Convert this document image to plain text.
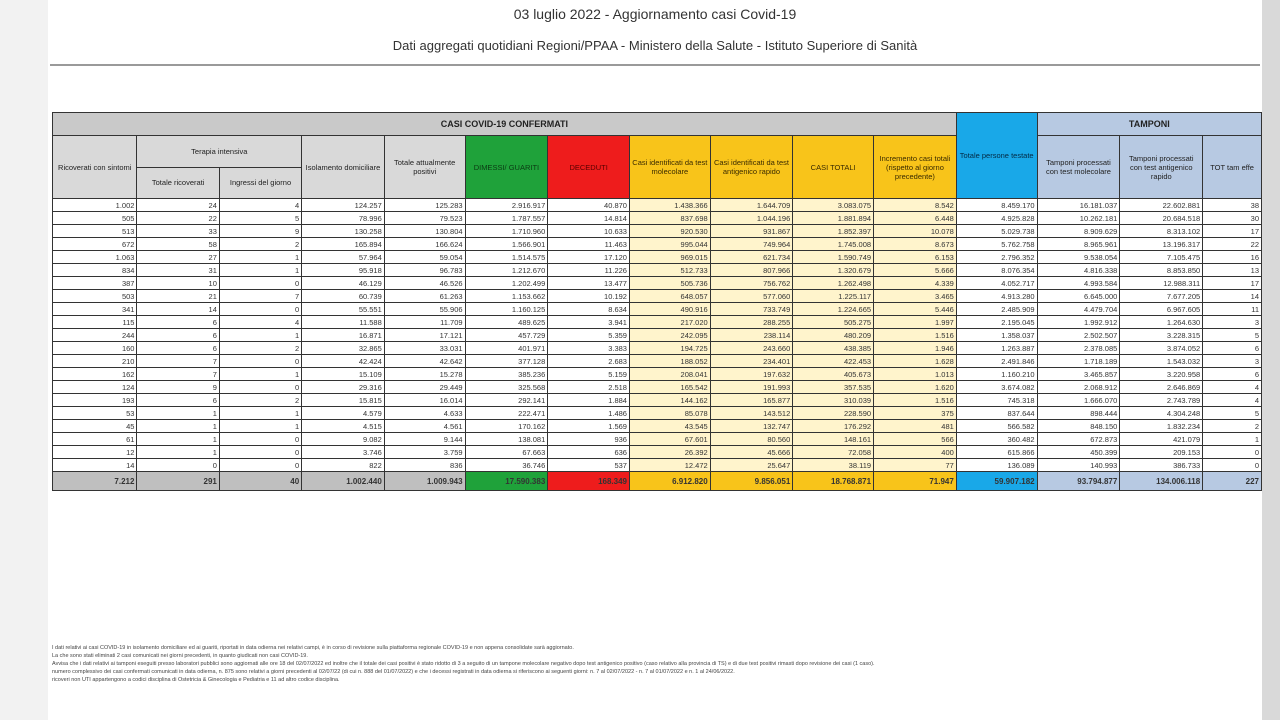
03 luglio 2022 - Aggiornamento casi Covid-19
Dati aggregati quotidiani Regioni/PPAA - Ministero della Salute - Istituto Superiore di Sanità
CASI COVID-19 CONFERMATI											Totale persone testate	TAMPONI		
Ricoverati con sintomi	Terapia intensiva		Isolamento domiciliare	Totale attualmente positivi	DIMESSI/ GUARITI	DECEDUTI	Casi identificati da test molecolare	Casi identificati da test antigenico rapido	CASI TOTALI	Incremento casi totali (rispetto al giorno precedente)		Tamponi processati con test molecolare	Tamponi processati con test antigenico rapido	TOT tam effe
	Totale ricoverati	Ingressi del giorno												
1.002	24	4	124.257	125.283	2.916.917	40.870	1.438.366	1.644.709	3.083.075	8.542	8.459.170	16.181.037	22.602.881	38
505	22	5	78.996	79.523	1.787.557	14.814	837.698	1.044.196	1.881.894	6.448	4.925.828	10.262.181	20.684.518	30
513	33	9	130.258	130.804	1.710.960	10.633	920.530	931.867	1.852.397	10.078	5.029.738	8.909.629	8.313.102	17
672	58	2	165.894	166.624	1.566.901	11.463	995.044	749.964	1.745.008	8.673	5.762.758	8.965.961	13.196.317	22
1.063	27	1	57.964	59.054	1.514.575	17.120	969.015	621.734	1.590.749	6.153	2.796.352	9.538.054	7.105.475	16
834	31	1	95.918	96.783	1.212.670	11.226	512.733	807.966	1.320.679	5.666	8.076.354	4.816.338	8.853.850	13
387	10	0	46.129	46.526	1.202.499	13.477	505.736	756.762	1.262.498	4.339	4.052.717	4.993.584	12.988.311	17
503	21	7	60.739	61.263	1.153.662	10.192	648.057	577.060	1.225.117	3.465	4.913.280	6.645.000	7.677.205	14
341	14	0	55.551	55.906	1.160.125	8.634	490.916	733.749	1.224.665	5.446	2.485.909	4.479.704	6.967.605	11
115	6	4	11.588	11.709	489.625	3.941	217.020	288.255	505.275	1.997	2.195.045	1.992.912	1.264.630	3
244	6	1	16.871	17.121	457.729	5.359	242.095	238.114	480.209	1.516	1.358.037	2.502.507	3.228.315	5
160	6	2	32.865	33.031	401.971	3.383	194.725	243.660	438.385	1.946	1.263.887	2.378.085	3.874.052	6
210	7	0	42.424	42.642	377.128	2.683	188.052	234.401	422.453	1.628	2.491.846	1.718.189	1.543.032	3
162	7	1	15.109	15.278	385.236	5.159	208.041	197.632	405.673	1.013	1.160.210	3.465.857	3.220.958	6
124	9	0	29.316	29.449	325.568	2.518	165.542	191.993	357.535	1.620	3.674.082	2.068.912	2.646.869	4
193	6	2	15.815	16.014	292.141	1.884	144.162	165.877	310.039	1.516	745.318	1.666.070	2.743.789	4
53	1	1	4.579	4.633	222.471	1.486	85.078	143.512	228.590	375	837.644	898.444	4.304.248	5
45	1	1	4.515	4.561	170.162	1.569	43.545	132.747	176.292	481	566.582	848.150	1.832.234	2
61	1	0	9.082	9.144	138.081	936	67.601	80.560	148.161	566	360.482	672.873	421.079	1
12	1	0	3.746	3.759	67.663	636	26.392	45.666	72.058	400	615.866	450.399	209.153	0
14	0	0	822	836	36.746	537	12.472	25.647	38.119	77	136.089	140.993	386.733	0
7.212	291	40	1.002.440	1.009.943	17.590.383	168.349	6.912.820	9.856.051	18.768.871	71.947	59.907.182	93.794.877	134.006.118	227
I dati relativi ai casi COVID-19 in isolamento domiciliare ed ai guariti, riportati in data odierna nei relativi campi, è in corso di revisione sulla piattaforma regionale COVID-19 e non appena consolidate sarà aggiornato.
La che sono stati eliminati 2 casi comunicati nei giorni precedenti, in quanto giudicati non casi COVID-19.
Avvisa che i dati relativi ai tamponi eseguiti presso laboratori pubblici sono aggiornati alle ore 18 del 02/07/2022 ed inoltre che il totale dei casi positivi è stato ridotto di 3 a seguito di un tampone molecolare negativo dopo test antigenico positivo (caso relativo alla provincia di TS) e di due test positivi rimasti dopo revisione dei casi (1 caso).
numero complessivo dei casi confermati comunicati in data odierna, n. 875 sono relativi a giorni precedenti al 02/07/22 (di cui n. 888 del 01/07/2022) e che i decessi registrati in data odierna si riferiscono ai seguenti giorni: n. 7 al 02/07/2022 - n. 7 al 01/07/2022 e n. 1 al 24/06/2022.
ricoveri non UTI appartengono a codici disciplina di Ostetricia & Ginecologia e Pediatria e 11 ad altro codice disciplina.
